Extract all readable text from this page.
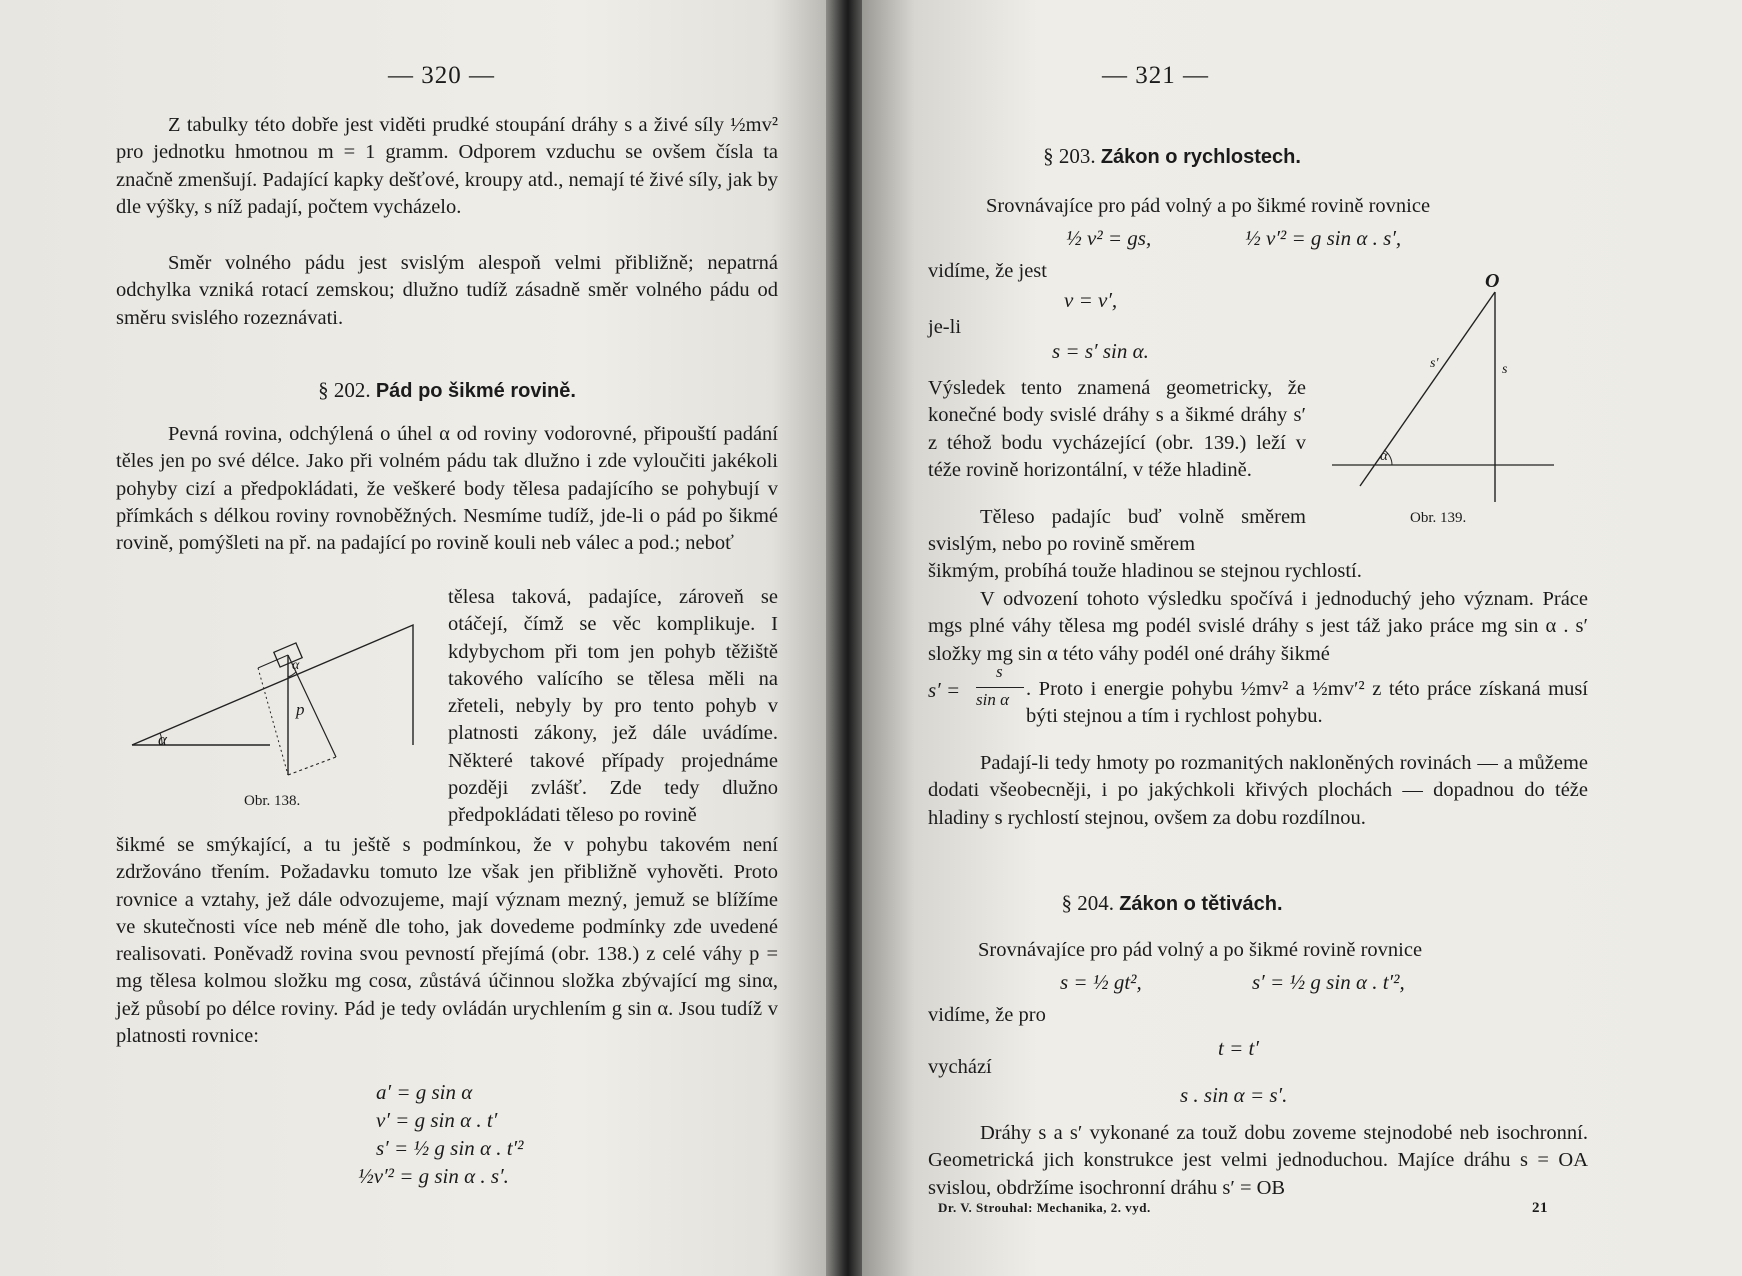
— 320 —
Z tabulky této dobře jest viděti prudké stoupání dráhy s a živé síly ½mv² pro jednotku hmotnou m = 1 gramm. Odporem vzduchu se ovšem čísla ta značně zmenšují. Padající kapky dešťové, kroupy atd., nemají té živé síly, jak by dle výšky, s níž padají, počtem vycházelo.
Směr volného pádu jest svislým alespoň velmi přibližně; nepatrná odchylka vzniká rotací zemskou; dlužno tudíž zásadně směr volného pádu od směru svislého rozeznávati.
§ 202. Pád po šikmé rovině.
Pevná rovina, odchýlená o úhel α od roviny vodorovné, připouští padání těles jen po své délce. Jako při volném pádu tak dlužno i zde vyloučiti jakékoli pohyby cizí a předpokládati, že veškeré body tělesa padajícího se pohybují v přímkách s délkou roviny rovnoběžných. Nesmíme tudíž, jde-li o pád po šikmé rovině, pomýšleti na př. na padající po rovině kouli neb válec a pod.; neboť
tělesa taková, padajíce, zároveň se otáčejí, čímž se věc komplikuje. I kdybychom při tom jen pohyb těžiště takového valícího se tělesa měli na zřeteli, nebyly by pro tento pohyb v platnosti zákony, jež dále uvádíme. Některé takové případy projednáme později zvlášť. Zde tedy dlužno předpokládati těleso po rovině
šikmé se smýkající, a tu ještě s podmínkou, že v pohybu takovém není zdržováno třením. Požadavku tomuto lze však jen přibližně vyhověti. Proto rovnice a vztahy, jež dále odvozujeme, mají význam mezný, jemuž se blížíme ve skutečnosti více neb méně dle toho, jak dovedeme podmínky zde uvedené realisovati. Poněvadž rovina svou pevností přejímá (obr. 138.) z celé váhy p = mg tělesa kolmou složku mg cosα, zůstává účinnou složka zbývající mg sinα, jež působí po délce roviny. Pád je tedy ovládán urychlením g sin α. Jsou tudíž v platnosti rovnice:
a′ = g sin α
v′ = g sin α . t′
s′ = ½ g sin α . t′²
½v′² = g sin α . s′.
α
α
p
Obr. 138.
— 321 —
§ 203. Zákon o rychlostech.
Srovnávajíce pro pád volný a po šikmé rovině rovnice
½ v² = gs,	½ v′² = g sin α . s′,
vidíme, že jest
v = v′,
je-li
s = s′ sin α.
Výsledek tento znamená geometricky, že konečné body svislé dráhy s a šikmé dráhy s′ z téhož bodu vycházející (obr. 139.) leží v téže rovině horizontální, v téže hladině.
Těleso padajíc buď volně směrem svislým, nebo po rovině směrem
šikmým, probíhá touže hladinou se stejnou rychlostí.
O
s
s′
α
Obr. 139.
V odvození tohoto výsledku spočívá i jednoduchý jeho význam. Práce mgs plné váhy tělesa mg podél svislé dráhy s jest táž jako práce mg sin α . s′ složky mg sin α této váhy podél oné dráhy šikmé
s′ =
s
sin α . Proto i energie pohybu ½mv² a ½mv′² z této práce získaná musí býti stejnou a tím i rychlost pohybu.
Padají-li tedy hmoty po rozmanitých nakloněných rovinách — a můžeme dodati všeobecněji, i po jakýchkoli křivých plochách — dopadnou do téže hladiny s rychlostí stejnou, ovšem za dobu rozdílnou.
§ 204. Zákon o tětivách.
Srovnávajíce pro pád volný a po šikmé rovině rovnice
s = ½ gt²,	s′ = ½ g sin α . t′²,
vidíme, že pro
t = t′
vychází
s . sin α = s′.
Dráhy s a s′ vykonané za touž dobu zoveme stejnodobé neb isochronní. Geometrická jich konstrukce jest velmi jednoduchou. Majíce dráhu s = OA svislou, obdržíme isochronní dráhu s′ = OB
Dr. V. Strouhal: Mechanika, 2. vyd.	21
